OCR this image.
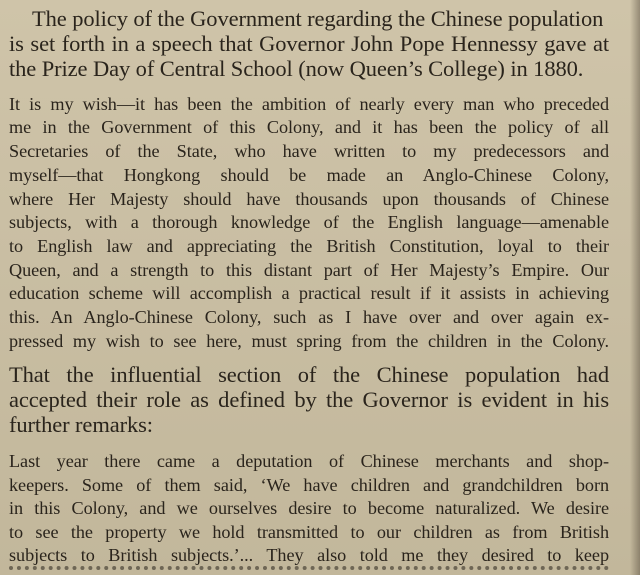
The policy of the Government regarding the Chinese population

is set forth in a speech that Governor John Pope Hennessy gave at

the Prize Day of Central School (now Queen’s College) in 1880.

It is my wish—it has been the ambition of nearly every man who preceded

me in the Government of this Colony, and it has been the policy of all

Secretaries of the State, who have written to my predecessors and

myself—that Hongkong should be made an Anglo-Chinese Colony,

where Her Majesty should have thousands upon thousands of Chinese

subjects, with a thorough knowledge of the English language—amenable

to English law and appreciating the British Constitution, loyal to their

Queen, and a strength to this distant part of Her Majesty’s Empire. Our

education scheme will accomplish a practical result if it assists in achieving

this. An Anglo-Chinese Colony, such as I have over and over again ex-

pressed my wish to see here, must spring from the children in the Colony.

That the influential section of the Chinese population had

accepted their role as defined by the Governor is evident in his

further remarks:

Last year there came a deputation of Chinese merchants and shop-

keepers. Some of them said, ‘We have children and grandchildren born

in this Colony, and we ourselves desire to become naturalized. We desire

to see the property we hold transmitted to our children as from British

subjects to British subjects.’... They also told me they desired to keep
